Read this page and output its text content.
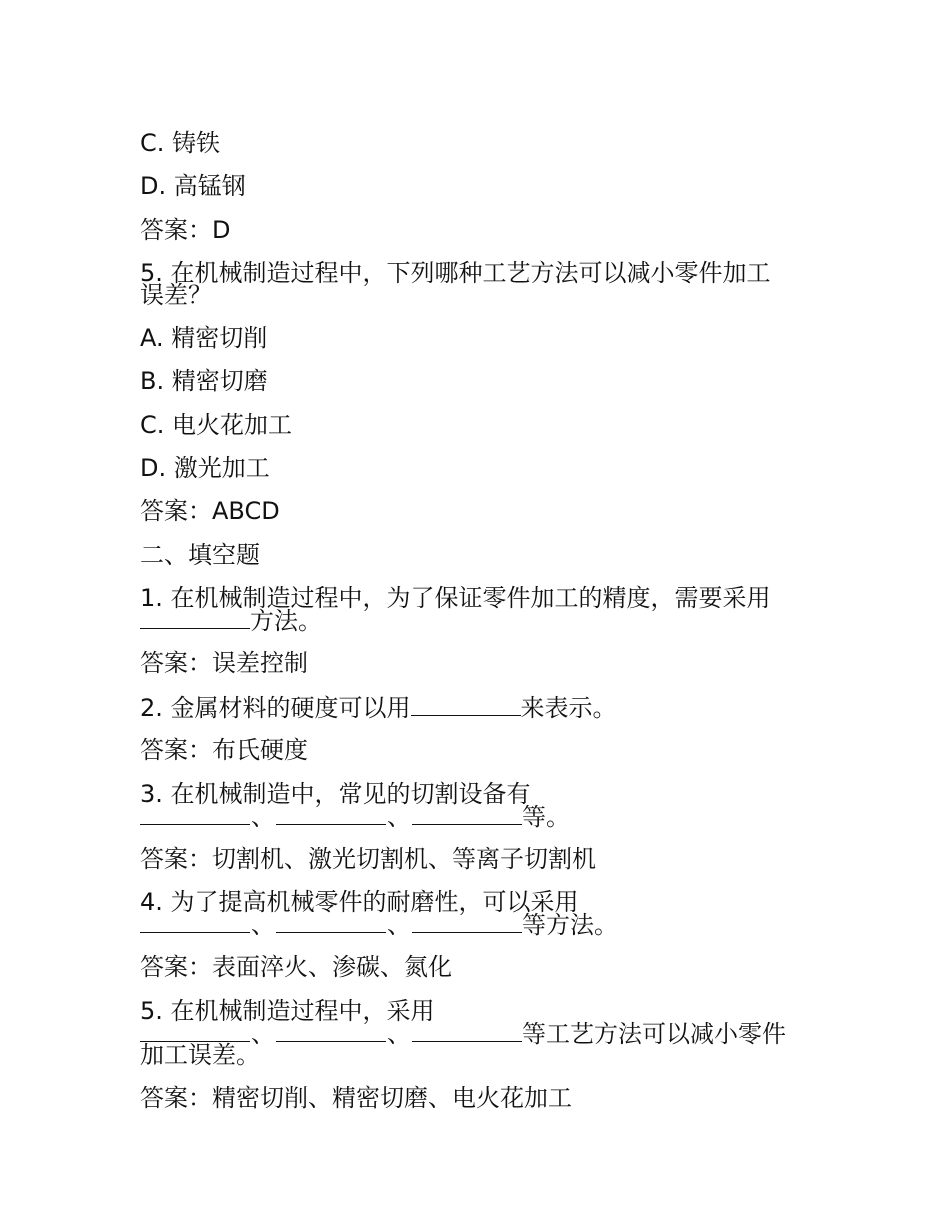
C. 铸铁
D. 高锰钢
答案：D
5. 在机械制造过程中，下列哪种工艺方法可以减小零件加工
误差？
A. 精密切削
B. 精密切磨
C. 电火花加工
D. 激光加工
答案：ABCD
二、填空题
1. 在机械制造过程中，为了保证零件加工的精度，需要采用
方法。
答案：误差控制
2. 金属材料的硬度可以用	来表示。
答案：布氏硬度
3. 在机械制造中，常见的切割设备有
、	、	等。
答案：切割机、激光切割机、等离子切割机
4. 为了提高机械零件的耐磨性，可以采用
、	、	等方法。
答案：表面淬火、渗碳、氮化
5. 在机械制造过程中，采用
、	、	等工艺方法可以减小零件
加工误差。
答案：精密切削、精密切磨、电火花加工
